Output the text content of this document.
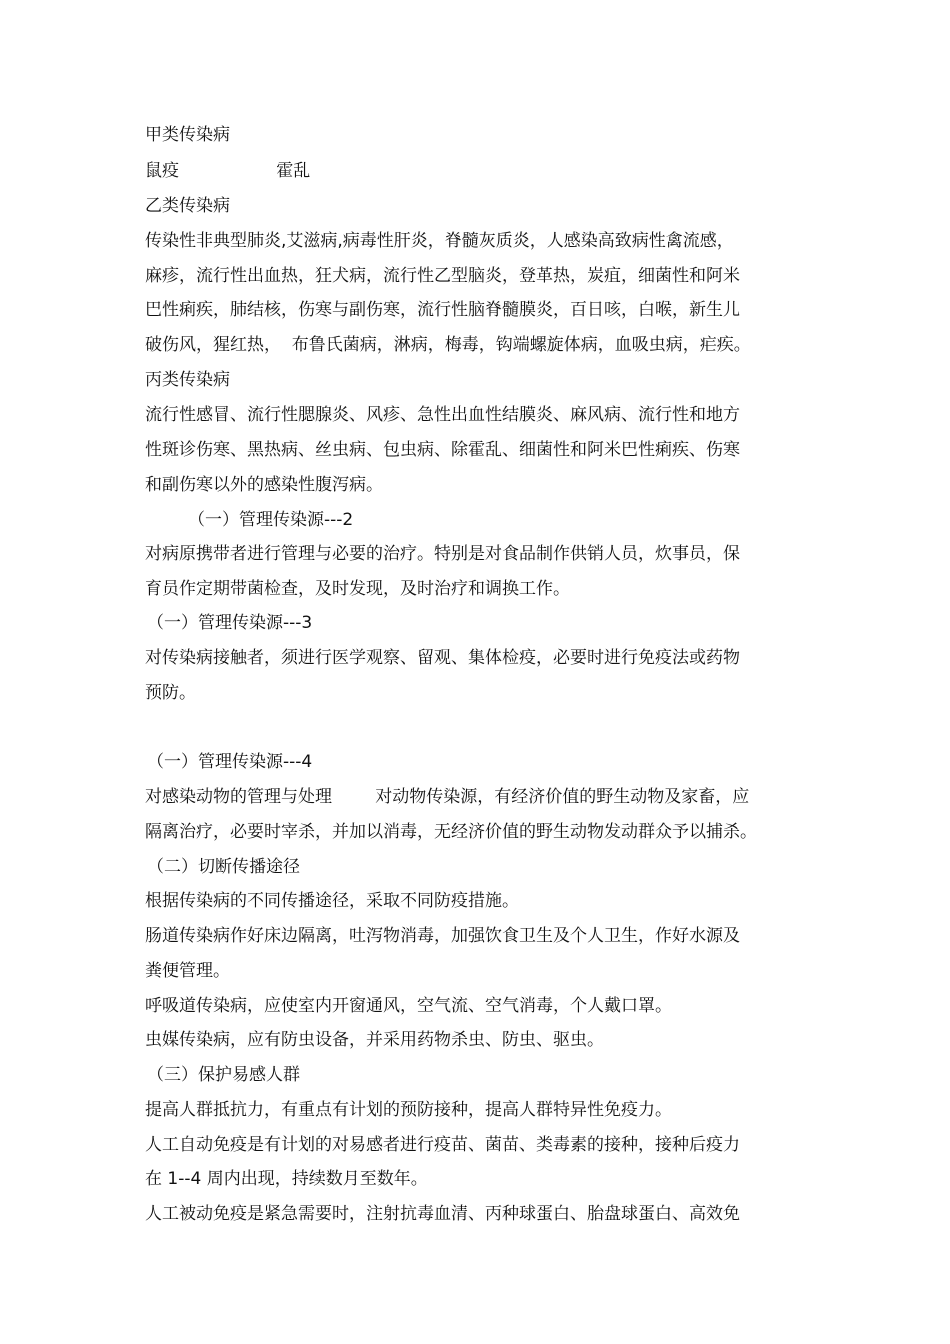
甲类传染病
鼠疫                  霍乱
乙类传染病
传染性非典型肺炎,艾滋病,病毒性肝炎，脊髓灰质炎，人感染高致病性禽流感，
麻疹，流行性出血热，狂犬病，流行性乙型脑炎，登革热，炭疽，细菌性和阿米
巴性痢疾，肺结核，伤寒与副伤寒，流行性脑脊髓膜炎，百日咳，白喉，新生儿
破伤风，猩红热，  布鲁氏菌病，淋病，梅毒，钩端螺旋体病，血吸虫病，疟疾。
丙类传染病
流行性感冒、流行性腮腺炎、风疹、急性出血性结膜炎、麻风病、流行性和地方
性斑诊伤寒、黑热病、丝虫病、包虫病、除霍乱、细菌性和阿米巴性痢疾、伤寒
和副伤寒以外的感染性腹泻病。
（一）管理传染源---2
对病原携带者进行管理与必要的治疗。特别是对食品制作供销人员，炊事员，保
育员作定期带菌检查，及时发现，及时治疗和调换工作。
（一）管理传染源---3
对传染病接触者，须进行医学观察、留观、集体检疫，必要时进行免疫法或药物
预防。
（一）管理传染源---4
对感染动物的管理与处理        对动物传染源，有经济价值的野生动物及家畜，应
隔离治疗，必要时宰杀，并加以消毒，无经济价值的野生动物发动群众予以捕杀。
（二）切断传播途径
根据传染病的不同传播途径，采取不同防疫措施。
肠道传染病作好床边隔离，吐泻物消毒，加强饮食卫生及个人卫生，作好水源及
粪便管理。
呼吸道传染病，应使室内开窗通风，空气流、空气消毒，个人戴口罩。
虫媒传染病，应有防虫设备，并采用药物杀虫、防虫、驱虫。
（三）保护易感人群
提高人群抵抗力，有重点有计划的预防接种，提高人群特异性免疫力。
人工自动免疫是有计划的对易感者进行疫苗、菌苗、类毒素的接种，接种后疫力
在 1--4 周内出现，持续数月至数年。
人工被动免疫是紧急需要时，注射抗毒血清、丙种球蛋白、胎盘球蛋白、高效免
